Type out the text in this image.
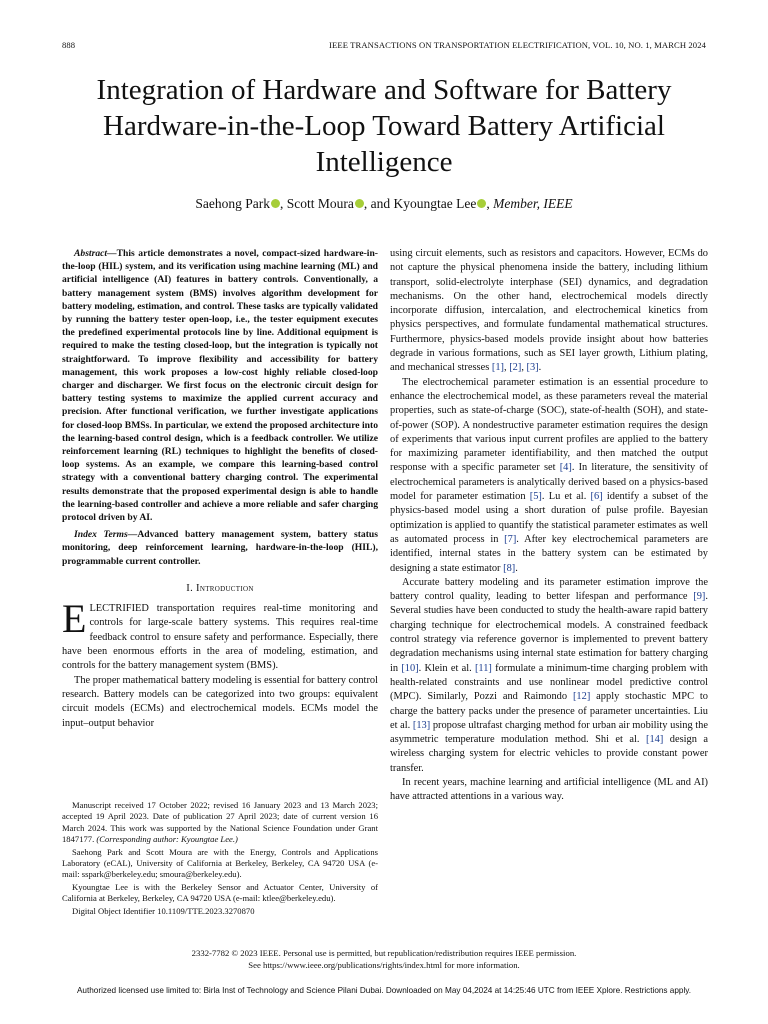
888	IEEE TRANSACTIONS ON TRANSPORTATION ELECTRIFICATION, VOL. 10, NO. 1, MARCH 2024
Integration of Hardware and Software for Battery Hardware-in-the-Loop Toward Battery Artificial Intelligence
Saehong Park , Scott Moura , and Kyoungtae Lee , Member, IEEE

Abstract—This article demonstrates a novel, compact-sized hardware-in-the-loop (HIL) system, and its verification using machine learning (ML) and artificial intelligence (AI) features in battery controls. Conventionally, a battery management system (BMS) involves algorithm development for battery modeling, estimation, and control. These tasks are typically validated by running the battery tester open-loop, i.e., the tester equipment executes the predefined experimental protocols line by line. Additional equipment is required to make the testing closed-loop, but the integration is typically not straightforward. To improve flexibility and accessibility for battery management, this work proposes a low-cost highly reliable closed-loop charger and discharger. We first focus on the electronic circuit design for battery testing systems to maximize the applied current accuracy and precision. After functional verification, we further investigate applications for closed-loop BMSs. In particular, we extend the proposed architecture into the learning-based control design, which is a feedback controller. We utilize reinforcement learning (RL) techniques to highlight the benefits of closed-loop systems. As an example, we compare this learning-based control strategy with a conventional battery charging control. The experimental results demonstrate that the proposed experimental design is able to handle the learning-based controller and achieve a more reliable and safer charging protocol driven by AI.

Index Terms—Advanced battery management system, battery status monitoring, deep reinforcement learning, hardware-in-the-loop (HIL), programmable current controller.

I. Introduction

ELECTRIFIED transportation requires real-time monitoring and controls for large-scale battery systems. This requires real-time feedback control to ensure safety and performance. Especially, there have been enormous efforts in the area of modeling, estimation, and controls for the battery management system (BMS).

The proper mathematical battery modeling is essential for battery control research. Battery models can be categorized into two groups: equivalent circuit models (ECMs) and electrochemical models. ECMs model the input–output behavior

using circuit elements, such as resistors and capacitors. However, ECMs do not capture the physical phenomena inside the battery, including lithium transport, solid-electrolyte interphase (SEI) dynamics, and degradation mechanisms. On the other hand, electrochemical models directly incorporate diffusion, intercalation, and electrochemical kinetics from physics perspectives, and formulate fundamental mathematical structures. Furthermore, physics-based models provide insight about how batteries degrade in various formations, such as SEI layer growth, Lithium plating, and mechanical stresses [1], [2], [3].

The electrochemical parameter estimation is an essential procedure to enhance the electrochemical model, as these parameters reveal the material properties, such as state-of-charge (SOC), state-of-health (SOH), and state-of-power (SOP). A nondestructive parameter estimation requires the design of experiments that various input current profiles are applied to the battery for maximizing parameter identifiability, and then matched the output response with a specific parameter set [4]. In literature, the sensitivity of electrochemical parameters is analytically derived based on a physics-based model for parameter estimation [5]. Lu et al. [6] identify a subset of the physics-based model using a short duration of pulse profile. Bayesian optimization is applied to quantify the statistical parameter estimates as well as automated process in [7]. After key electrochemical parameters are identified, internal states in the battery system can be estimated by designing a state estimator [8].

Accurate battery modeling and its parameter estimation improve the battery control quality, leading to better lifespan and performance [9]. Several studies have been conducted to study the health-aware rapid battery charging technique for electrochemical models. A constrained feedback control strategy via reference governor is implemented to prevent battery degradation mechanisms using internal state estimation for battery charging in [10]. Klein et al. [11] formulate a minimum-time charging problem with health-related constraints and use nonlinear model predictive control (MPC). Similarly, Pozzi and Raimondo [12] apply stochastic MPC to charge the battery packs under the presence of parameter uncertainties. Liu et al. [13] propose ultrafast charging method for urban air mobility using the asymmetric temperature modulation method. Shi et al. [14] design a wireless charging system for electric vehicles to provide constant power transfer.

In recent years, machine learning and artificial intelligence (ML and AI) have attracted attentions in a various way.

Manuscript received 17 October 2022; revised 16 January 2023 and 13 March 2023; accepted 19 April 2023. Date of publication 27 April 2023; date of current version 16 March 2024. This work was supported by the National Science Foundation under Grant 1847177. (Corresponding author: Kyoungtae Lee.)

Saehong Park and Scott Moura are with the Energy, Controls and Applications Laboratory (eCAL), University of California at Berkeley, Berkeley, CA 94720 USA (e-mail: sspark@berkeley.edu; smoura@berkeley.edu).

Kyoungtae Lee is with the Berkeley Sensor and Actuator Center, University of California at Berkeley, Berkeley, CA 94720 USA (e-mail: ktlee@berkeley.edu).

Digital Object Identifier 10.1109/TTE.2023.3270870

2332-7782 © 2023 IEEE. Personal use is permitted, but republication/redistribution requires IEEE permission.
See https://www.ieee.org/publications/rights/index.html for more information.
Authorized licensed use limited to: Birla Inst of Technology and Science Pilani Dubai. Downloaded on May 04,2024 at 14:25:46 UTC from IEEE Xplore. Restrictions apply.
